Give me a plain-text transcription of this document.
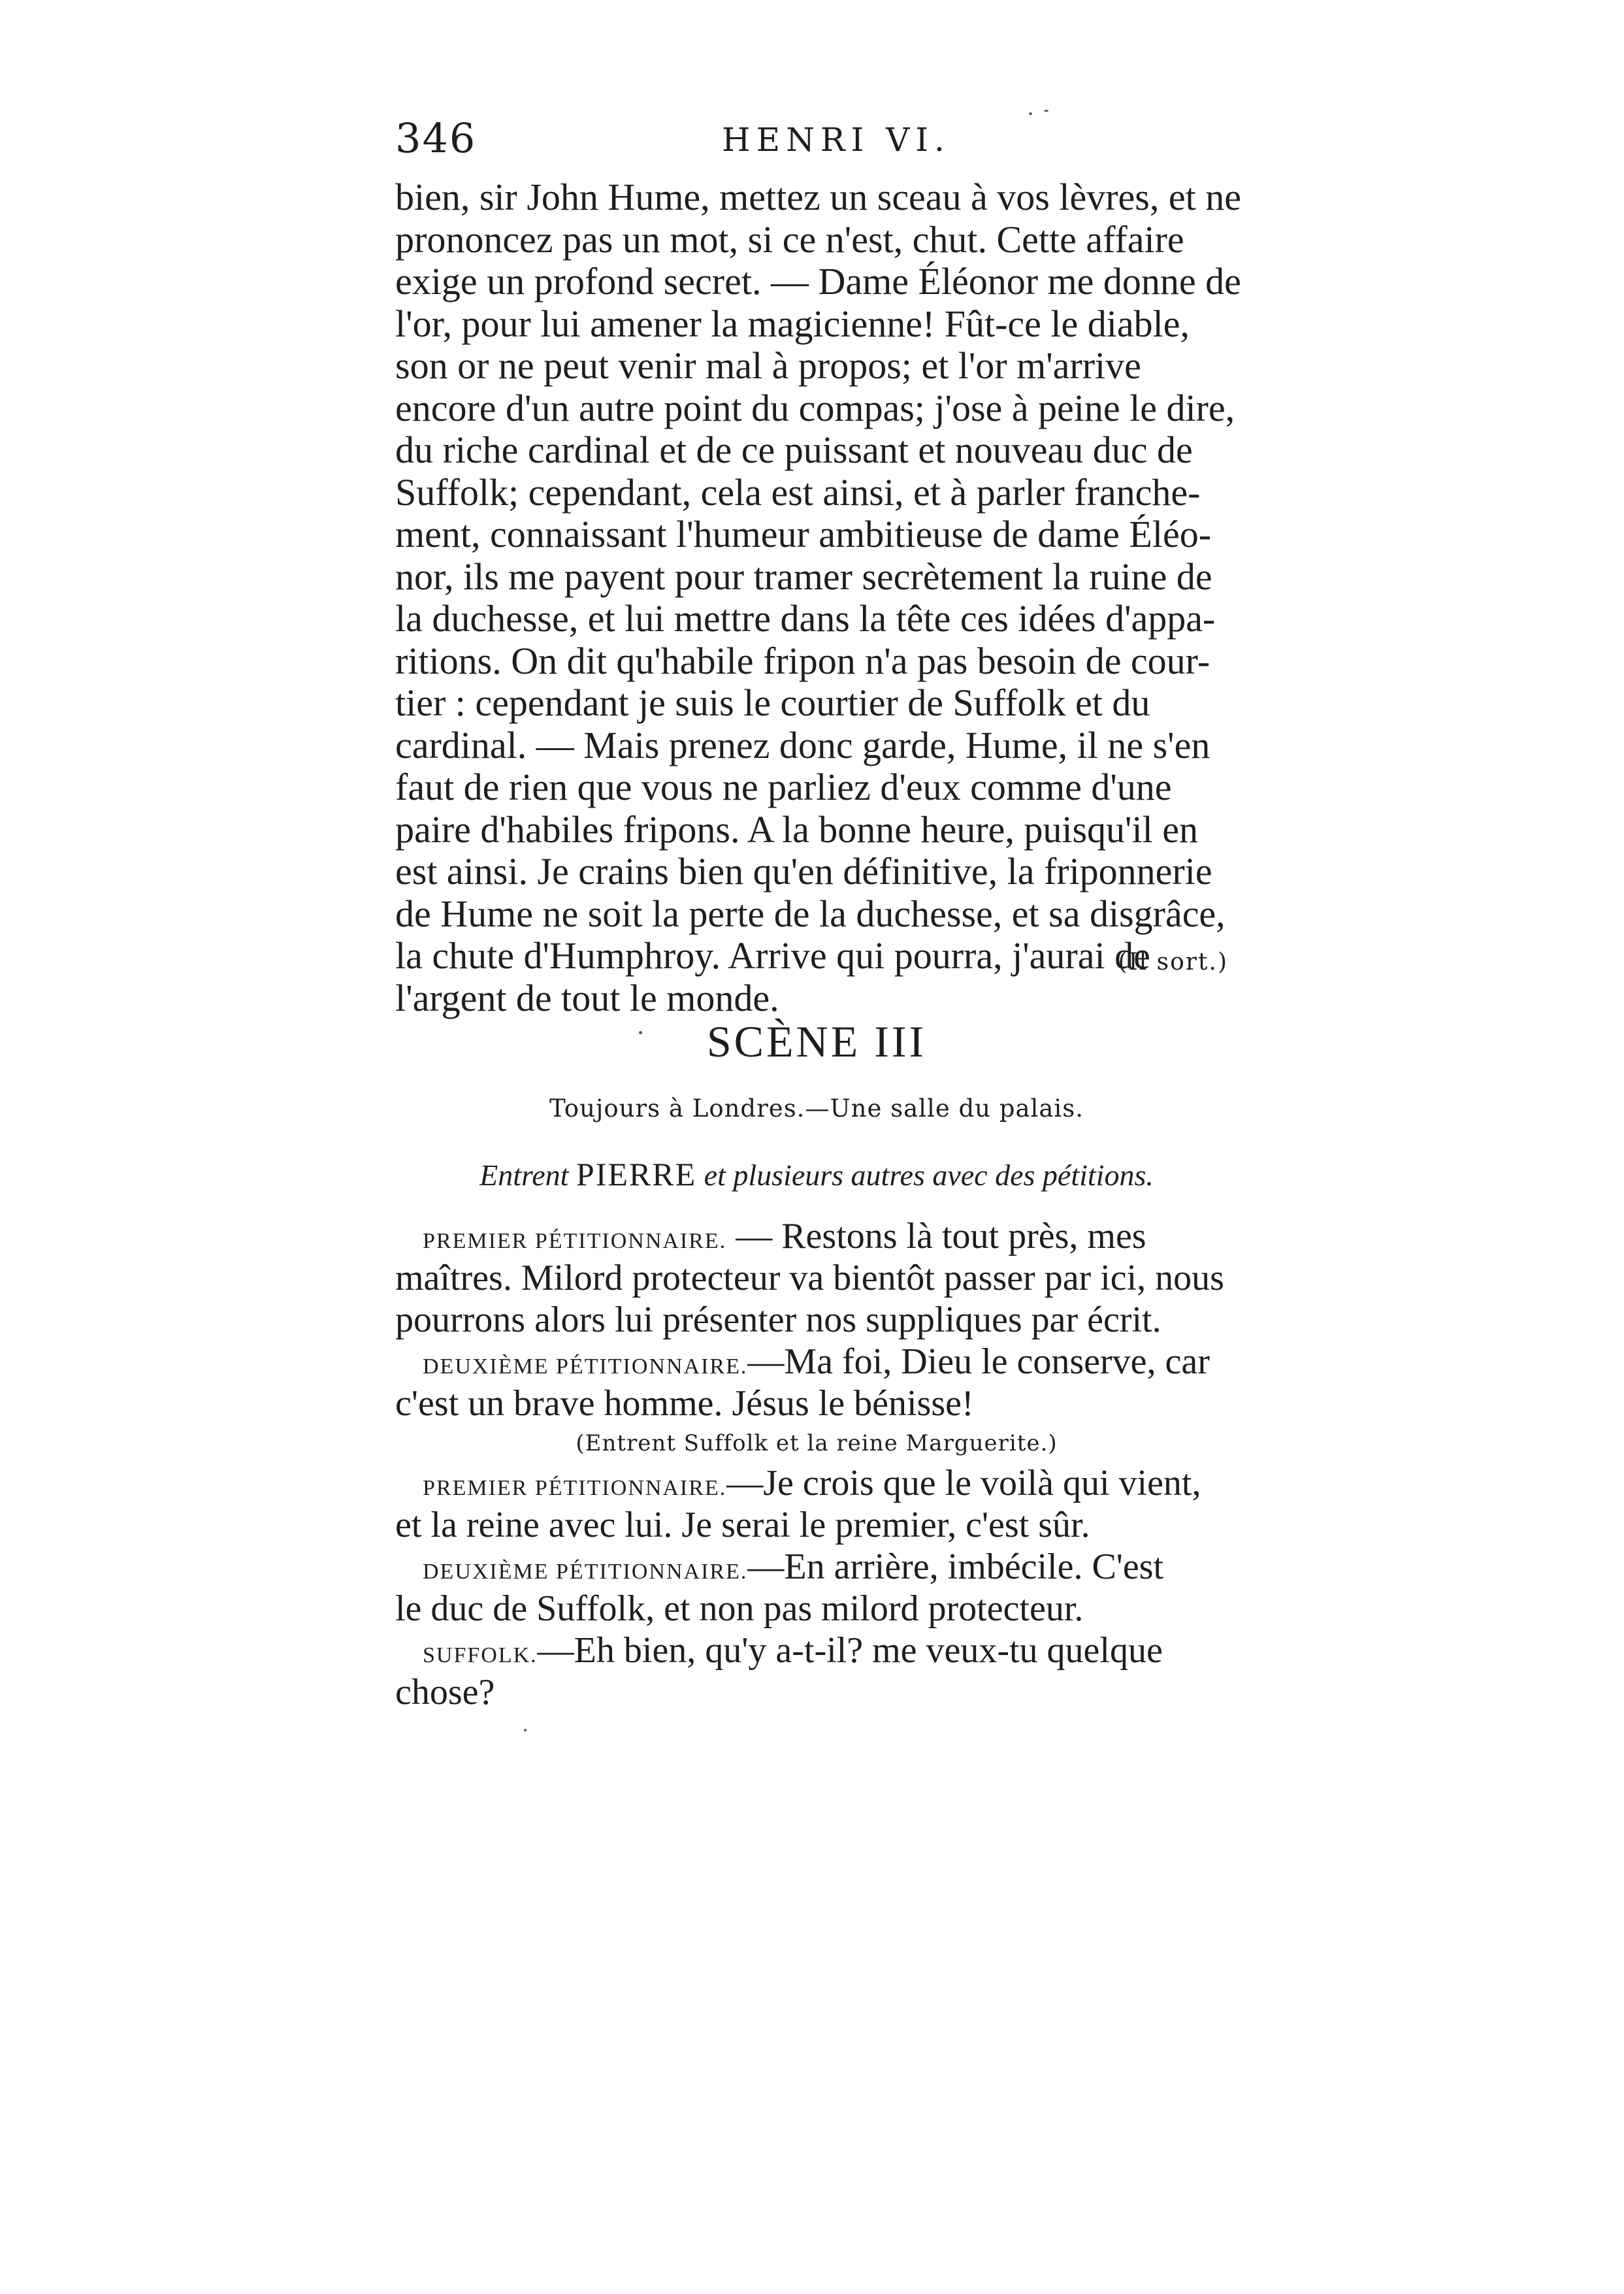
346	HENRI VI.
bien, sir John Hume, mettez un sceau à vos lèvres, et ne
prononcez pas un mot, si ce n'est, chut. Cette affaire
exige un profond secret. — Dame Éléonor me donne de
l'or, pour lui amener la magicienne! Fût-ce le diable,
son or ne peut venir mal à propos; et l'or m'arrive
encore d'un autre point du compas; j'ose à peine le dire,
du riche cardinal et de ce puissant et nouveau duc de
Suffolk; cependant, cela est ainsi, et à parler franche-
ment, connaissant l'humeur ambitieuse de dame Éléo-
nor, ils me payent pour tramer secrètement la ruine de
la duchesse, et lui mettre dans la tête ces idées d'appa-
ritions. On dit qu'habile fripon n'a pas besoin de cour-
tier : cependant je suis le courtier de Suffolk et du
cardinal. — Mais prenez donc garde, Hume, il ne s'en
faut de rien que vous ne parliez d'eux comme d'une
paire d'habiles fripons. A la bonne heure, puisqu'il en
est ainsi. Je crains bien qu'en définitive, la friponnerie
de Hume ne soit la perte de la duchesse, et sa disgrâce,
la chute d'Humphroy. Arrive qui pourra, j'aurai de
l'argent de tout le monde.
(Il sort.)
SCÈNE III
Toujours à Londres.—Une salle du palais.
Entrent PIERRE et plusieurs autres avec des pétitions.
PREMIER PÉTITIONNAIRE. — Restons là tout près, mes
maîtres. Milord protecteur va bientôt passer par ici, nous
pourrons alors lui présenter nos suppliques par écrit.
DEUXIÈME PÉTITIONNAIRE.—Ma foi, Dieu le conserve, car
c'est un brave homme. Jésus le bénisse!
(Entrent Suffolk et la reine Marguerite.)
PREMIER PÉTITIONNAIRE.—Je crois que le voilà qui vient,
et la reine avec lui. Je serai le premier, c'est sûr.
DEUXIÈME PÉTITIONNAIRE.—En arrière, imbécile. C'est
le duc de Suffolk, et non pas milord protecteur.
SUFFOLK.—Eh bien, qu'y a-t-il? me veux-tu quelque
chose?
